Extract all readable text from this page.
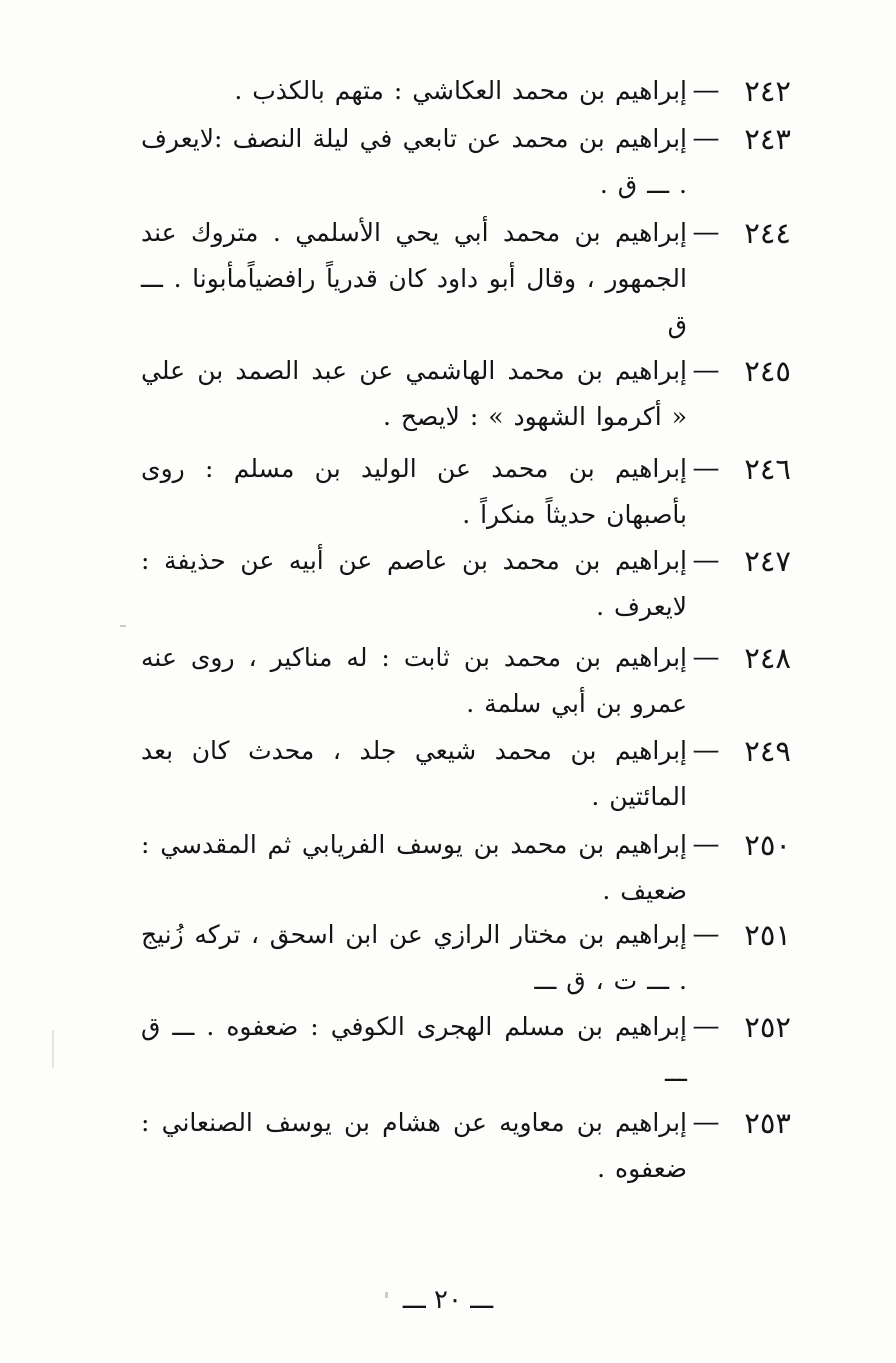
٢٤٢
—
إبراهيم بن محمد العكاشي : متهم بالكذب .
٢٤٣
—
إبراهيم بن محمد عن تابعي في ليلة النصف :لايعرف . ـــ ق .
٢٤٤
—
إبراهيم بن محمد أبي يحي الأسلمي . متروك عند الجمهور ، وقال أبو داود كان قدرياً رافضياًمأبونا . ـــ ق
٢٤٥
—
إبراهيم بن محمد الهاشمي عن عبد الصمد بن علي « أكرموا الشهود » : لايصح .
٢٤٦
—
إبراهيم بن محمد عن الوليد بن مسلم : روى بأصبهان حديثاً منكراً .
٢٤٧
—
إبراهيم بن محمد بن عاصم عن أبيه عن حذيفة : لايعرف .
٢٤٨
—
إبراهيم بن محمد بن ثابت : له مناكير ، روى عنه عمرو بن أبي سلمة .
٢٤٩
—
إبراهيم بن محمد شيعي جلد ، محدث كان بعد المائتين .
٢٥٠
—
إبراهيم بن محمد بن يوسف الفريابي ثم المقدسي : ضعيف .
٢٥١
—
إبراهيم بن مختار الرازي عن ابن اسحق ، تركه زُنيج . ـــ ت ، ق ـــ
٢٥٢
—
إبراهيم بن مسلم الهجرى الكوفي : ضعفوه . ـــ ق ـــ
٢٥٣
—
إبراهيم بن معاويه عن هشام بن يوسف الصنعاني : ضعفوه .
ـــ ٢٠ ـــ
